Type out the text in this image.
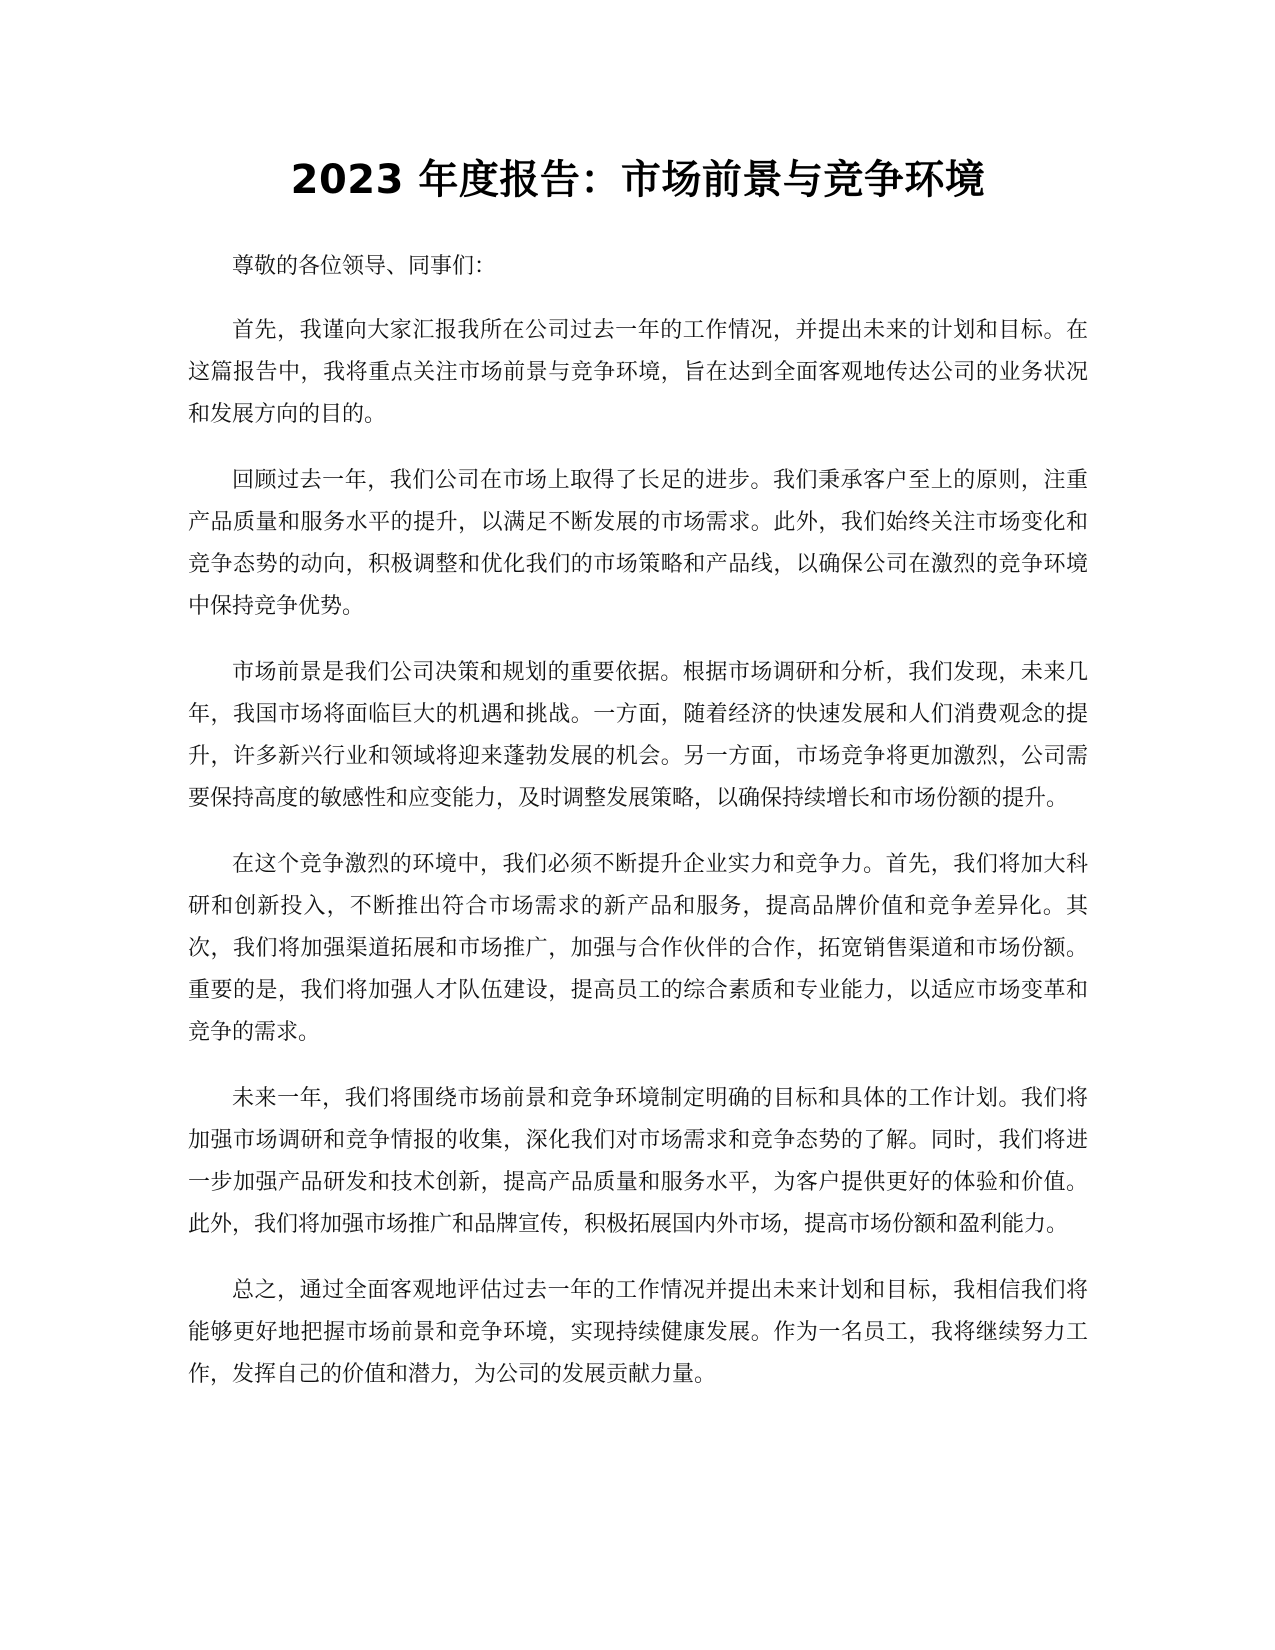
2023 年度报告：市场前景与竞争环境

尊敬的各位领导、同事们：

首先，我谨向大家汇报我所在公司过去一年的工作情况，并提出未来的计划和目标。在这篇报告中，我将重点关注市场前景与竞争环境，旨在达到全面客观地传达公司的业务状况和发展方向的目的。

回顾过去一年，我们公司在市场上取得了长足的进步。我们秉承客户至上的原则，注重产品质量和服务水平的提升，以满足不断发展的市场需求。此外，我们始终关注市场变化和竞争态势的动向，积极调整和优化我们的市场策略和产品线，以确保公司在激烈的竞争环境中保持竞争优势。

市场前景是我们公司决策和规划的重要依据。根据市场调研和分析，我们发现，未来几年，我国市场将面临巨大的机遇和挑战。一方面，随着经济的快速发展和人们消费观念的提升，许多新兴行业和领域将迎来蓬勃发展的机会。另一方面，市场竞争将更加激烈，公司需要保持高度的敏感性和应变能力，及时调整发展策略，以确保持续增长和市场份额的提升。

在这个竞争激烈的环境中，我们必须不断提升企业实力和竞争力。首先，我们将加大科研和创新投入，不断推出符合市场需求的新产品和服务，提高品牌价值和竞争差异化。其次，我们将加强渠道拓展和市场推广，加强与合作伙伴的合作，拓宽销售渠道和市场份额。重要的是，我们将加强人才队伍建设，提高员工的综合素质和专业能力，以适应市场变革和竞争的需求。

未来一年，我们将围绕市场前景和竞争环境制定明确的目标和具体的工作计划。我们将加强市场调研和竞争情报的收集，深化我们对市场需求和竞争态势的了解。同时，我们将进一步加强产品研发和技术创新，提高产品质量和服务水平，为客户提供更好的体验和价值。此外，我们将加强市场推广和品牌宣传，积极拓展国内外市场，提高市场份额和盈利能力。

总之，通过全面客观地评估过去一年的工作情况并提出未来计划和目标，我相信我们将能够更好地把握市场前景和竞争环境，实现持续健康发展。作为一名员工，我将继续努力工作，发挥自己的价值和潜力，为公司的发展贡献力量。
